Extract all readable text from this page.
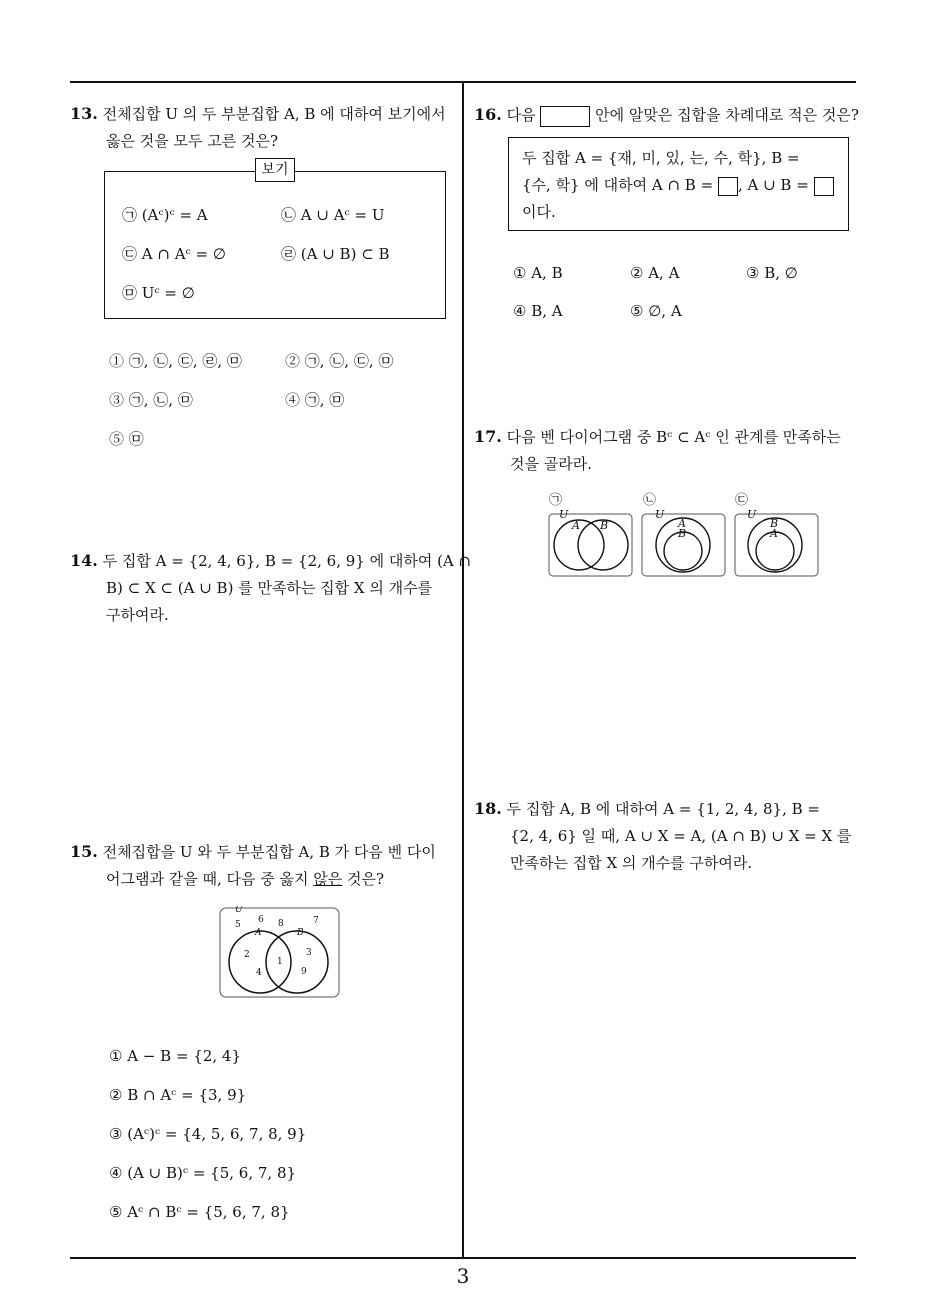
13. 전체집합 U 의 두 부분집합 A, B 에 대하여 보기에서
옳은 것을 모두 고른 것은?
보기
㉠ (Aᶜ)ᶜ = A	㉡ A ∪ Aᶜ = U
㉢ A ∩ Aᶜ = ∅	㉣ (A ∪ B) ⊂ B
㉤ Uᶜ = ∅
① ㉠, ㉡, ㉢, ㉣, ㉤	② ㉠, ㉡, ㉢, ㉤
③ ㉠, ㉡, ㉤	④ ㉠, ㉤
⑤ ㉤
14. 두 집합 A = {2, 4, 6}, B = {2, 6, 9} 에 대하여 (A ∩
B) ⊂ X ⊂ (A ∪ B) 를 만족하는 집합 X 의 개수를
구하여라.
15. 전체집합을 U 와 두 부분집합 A, B 가 다음 벤 다이
어그램과 같을 때, 다음 중 옳지 않은 것은?
U
5 6 8	7
A	B
2
4
1
3
9
① A − B = {2, 4}
② B ∩ Aᶜ = {3, 9}
③ (Aᶜ)ᶜ = {4, 5, 6, 7, 8, 9}
④ (A ∪ B)ᶜ = {5, 6, 7, 8}
⑤ Aᶜ ∩ Bᶜ = {5, 6, 7, 8}
16. 다음	안에 알맞은 집합을 차례대로 적은 것은?
두 집합 A = {재, 미, 있, 는, 수, 학}, B =
{수, 학} 에 대하여 A ∩ B = , A ∪ B =
이다.
① A, B	② A, A	③ B, ∅
④ B, A	⑤ ∅, A
17. 다음 벤 다이어그램 중 Bᶜ ⊂ Aᶜ 인 관계를 만족하는
것을 골라라.
㉠
U
A B
㉡
U
A
B
㉢
U
B
A
18. 두 집합 A, B 에 대하여 A = {1, 2, 4, 8}, B =
{2, 4, 6} 일 때, A ∪ X = A, (A ∩ B) ∪ X = X 를
만족하는 집합 X 의 개수를 구하여라.
3
